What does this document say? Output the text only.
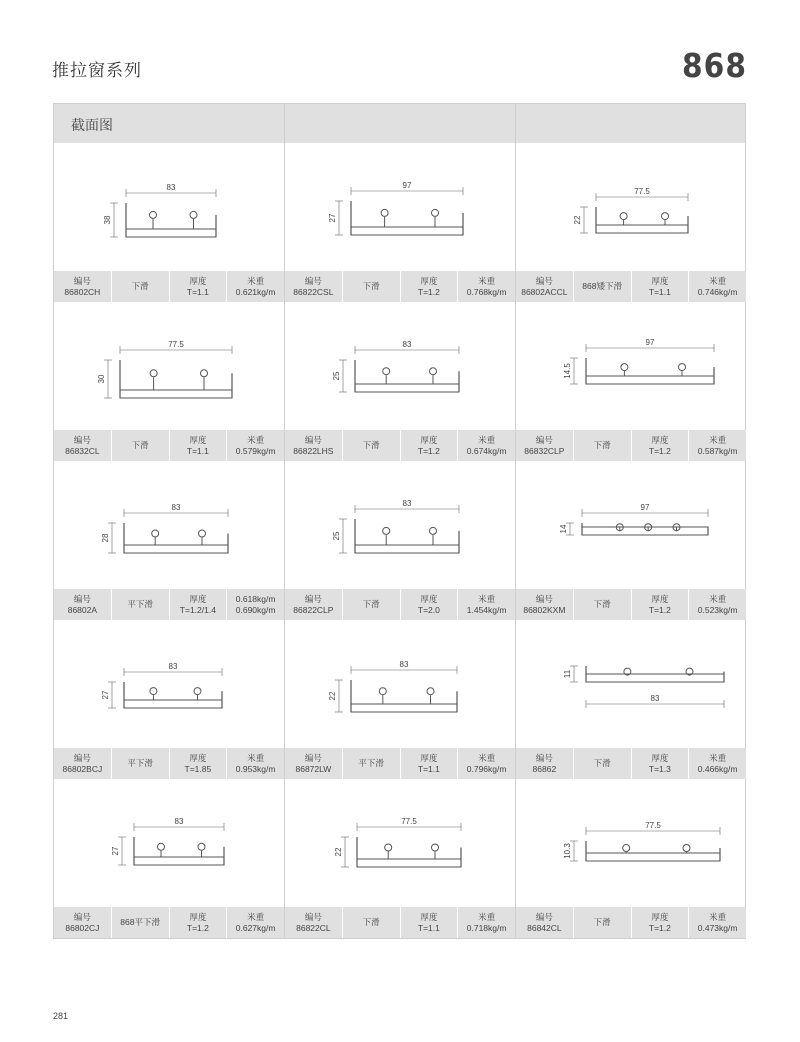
推拉窗系列	868
截面图
83
38
编号
86802CH
下滑
厚度
T=1.1
米重
0.621kg/m
97
27
编号
86822CSL
下滑
厚度
T=1.2
米重
0.768kg/m
77.5
22
编号
86802ACCL
868矮下滑
厚度
T=1.1
米重
0.746kg/m
77.5
30
编号
86832CL
下滑
厚度
T=1.1
米重
0.579kg/m
83
25
编号
86822LHS
下滑
厚度
T=1.2
米重
0.674kg/m
97
14.5
编号
86832CLP
下滑
厚度
T=1.2
米重
0.587kg/m
83
28
编号
86802A
平下滑
厚度
T=1.2/1.4
0.618kg/m
0.690kg/m
83
25
编号
86822CLP
下滑
厚度
T=2.0
米重
1.454kg/m
97
14
编号
86802KXM
下滑
厚度
T=1.2
米重
0.523kg/m
83
27
编号
86802BCJ
平下滑
厚度
T=1.85
米重
0.953kg/m
83
22
编号
86872LW
平下滑
厚度
T=1.1
米重
0.796kg/m
83
11
编号
86862
下滑
厚度
T=1.3
米重
0.466kg/m
83
27
编号
86802CJ
868平下滑
厚度
T=1.2
米重
0.627kg/m
77.5
22
编号
86822CL
下滑
厚度
T=1.1
米重
0.718kg/m
77.5
10.3
编号
86842CL
下滑
厚度
T=1.2
米重
0.473kg/m
281
